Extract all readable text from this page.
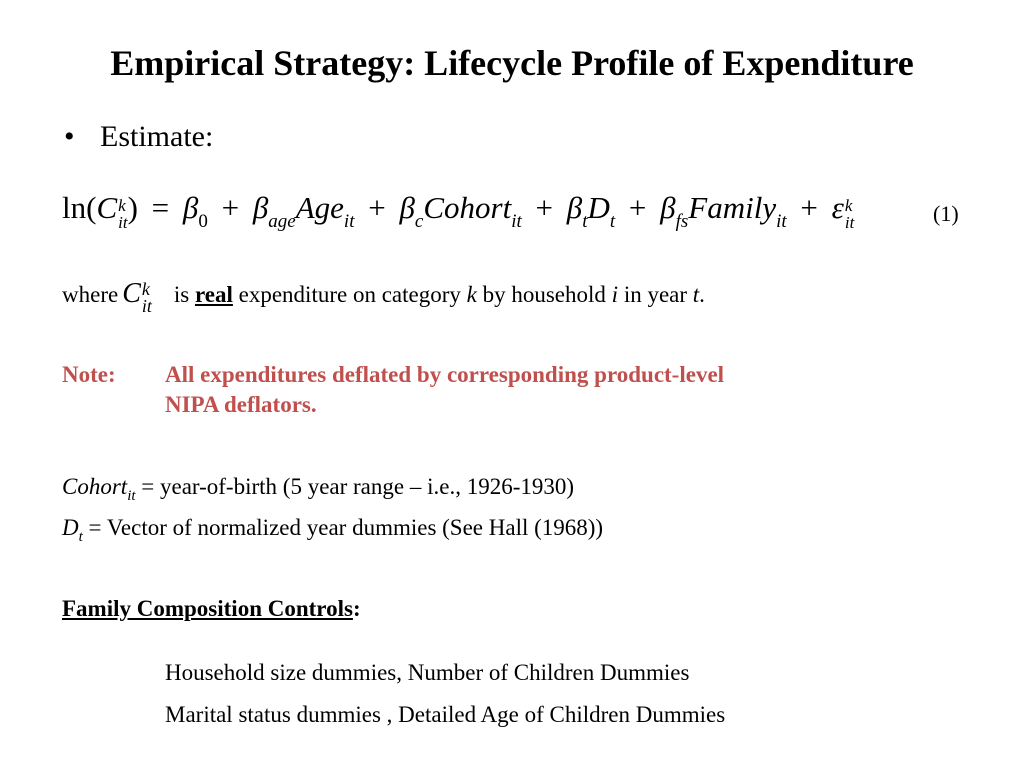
Empirical Strategy: Lifecycle Profile of Expenditure
• Estimate:
ln(C k
it ) = $\beta_0 + \beta_{age}Age_{it}$ + $\beta_cCohort_{it} + \beta_tD_t$ + $\beta_{fs}Family_{it} + \varepsilon$ k
it	(1)
where C k
it is real expenditure on category k by household i in year t.
Note: All expenditures deflated by corresponding product-level
NIPA deflators.
Cohort$_{it}$ = year-of-birth (5 year range – i.e., 1926-1930)
$D_t$ = Vector of normalized year dummies (See Hall (1968))
Family Composition Controls:
Household size dummies, Number of Children Dummies
Marital status dummies , Detailed Age of Children Dummies
